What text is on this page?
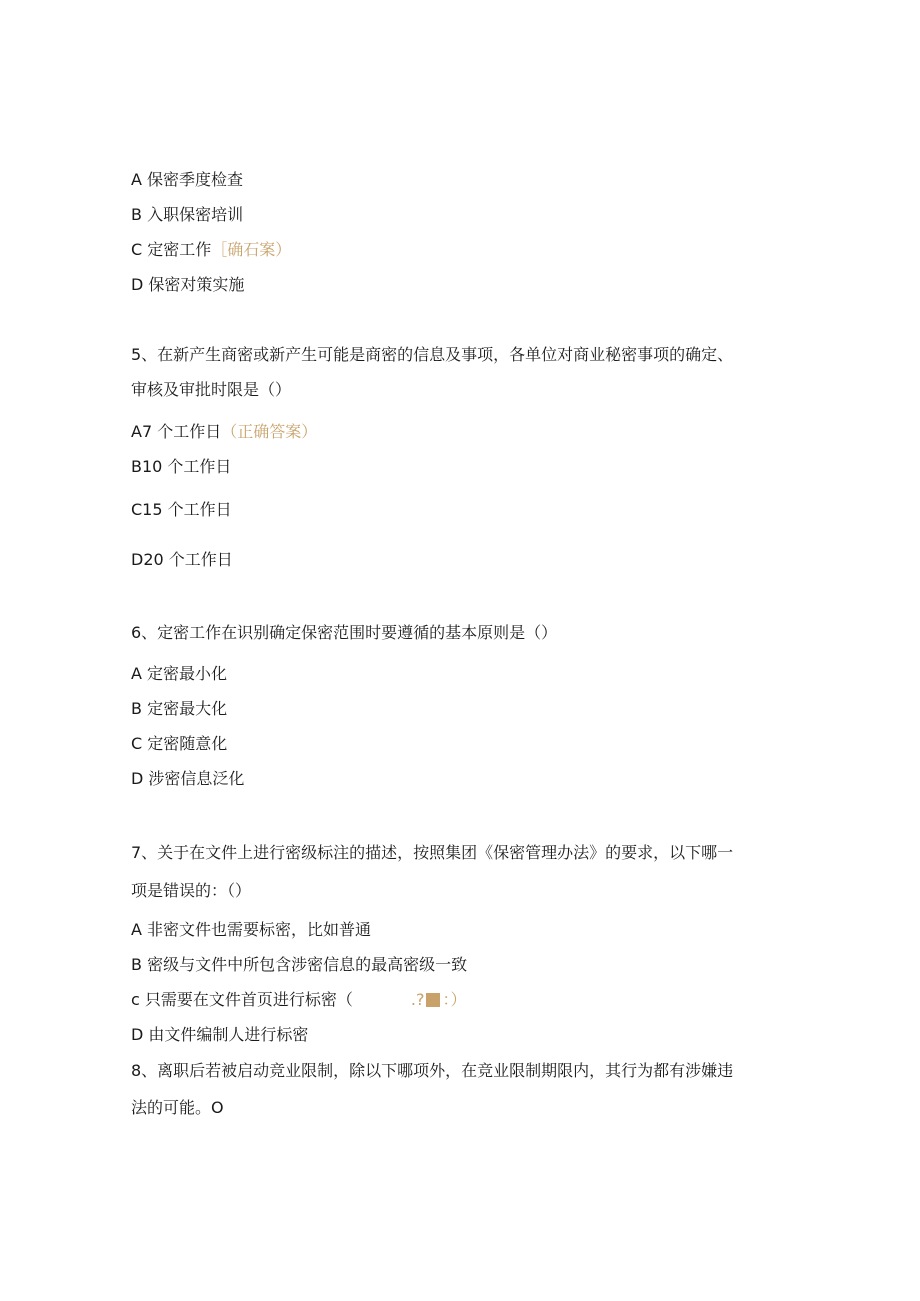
A 保密季度检查
B 入职保密培训
C 定密工作［确石案）
D 保密对策实施
5、在新产生商密或新产生可能是商密的信息及事项，各单位对商业秘密事项的确定、
审核及审批时限是（）
A7 个工作日（正确答案）
B10 个工作日
C15 个工作日
D20 个工作日
6、定密工作在识别确定保密范围时要遵循的基本原则是（）
A 定密最小化
B 定密最大化
C 定密随意化
D 涉密信息泛化
7、关于在文件上进行密级标注的描述，按照集团《保密管理办法》的要求，以下哪一
项是错误的：（）
A 非密文件也需要标密，比如普通
B 密级与文件中所包含涉密信息的最高密级一致
c 只需要在文件首页进行标密（	.? ：）
D 由文件编制人进行标密
8、离职后若被启动竞业限制，除以下哪项外，在竞业限制期限内，其行为都有涉嫌违
法的可能。O
